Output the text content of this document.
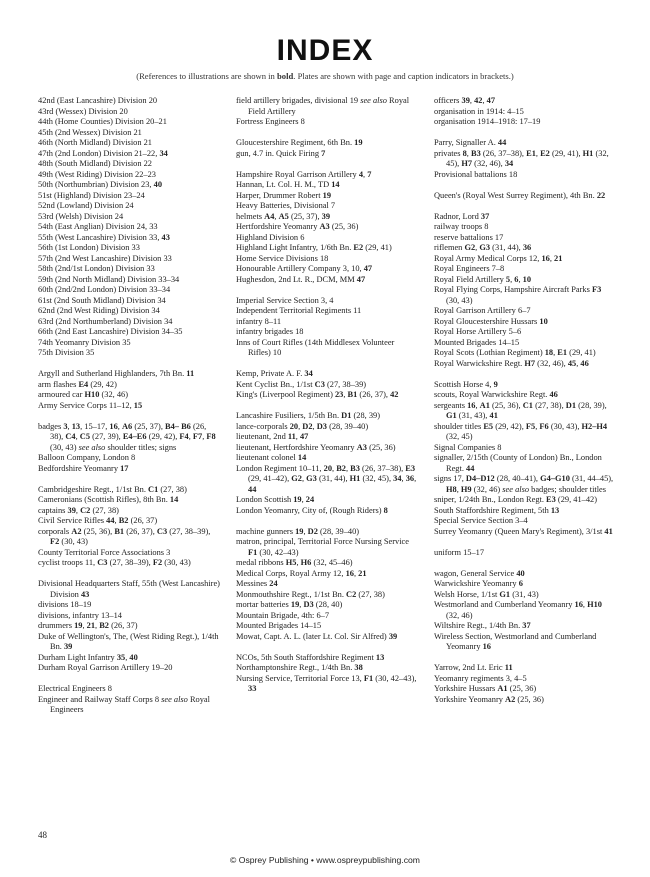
INDEX
(References to illustrations are shown in bold. Plates are shown with page and caption indicators in brackets.)

42nd (East Lancashire) Division 20

43rd (Wessex) Division 20

44th (Home Counties) Division 20–21

45th (2nd Wessex) Division 21

46th (North Midland) Division 21

47th (2nd London) Division 21–22, 34

48th (South Midland) Division 22

49th (West Riding) Division 22–23

50th (Northumbrian) Division 23, 40

51st (Highland) Division 23–24

52nd (Lowland) Division 24

53rd (Welsh) Division 24

54th (East Anglian) Division 24, 33

55th (West Lancashire) Division 33, 43

56th (1st London) Division 33

57th (2nd West Lancashire) Division 33

58th (2nd/1st London) Division 33

59th (2nd North Midland) Division 33–34

60th (2nd/2nd London) Division 33–34

61st (2nd South Midland) Division 34

62nd (2nd West Riding) Division 34

63rd (2nd Northumberland) Division 34

66th (2nd East Lancashire) Division 34–35

74th Yeomanry Division 35

75th Division 35

Argyll and Sutherland Highlanders, 7th Bn. 11

arm flashes E4 (29, 42)

armoured car H10 (32, 46)

Army Service Corps 11–12, 15

badges 3, 13, 15–17, 16, A6 (25, 37), B4– B6 (26, 38), C4, C5 (27, 39), E4–E6 (29, 42), F4, F7, F8 (30, 43) see also shoulder titles; signs

Balloon Company, London 8

Bedfordshire Yeomanry 17

Cambridgeshire Regt., 1/1st Bn. C1 (27, 38)

Cameronians (Scottish Rifles), 8th Bn. 14

captains 39, C2 (27, 38)

Civil Service Rifles 44, B2 (26, 37)

corporals A2 (25, 36), B1 (26, 37), C3 (27, 38–39), F2 (30, 43)

County Territorial Force Associations 3

cyclist troops 11, C3 (27, 38–39), F2 (30, 43)

Divisional Headquarters Staff, 55th (West Lancashire) Division 43

divisions 18–19

divisions, infantry 13–14

drummers 19, 21, B2 (26, 37)

Duke of Wellington's, The, (West Riding Regt.), 1/4th Bn. 39

Durham Light Infantry 35, 40

Durham Royal Garrison Artillery 19–20

Electrical Engineers 8

Engineer and Railway Staff Corps 8 see also Royal Engineers

field artillery brigades, divisional 19 see also Royal Field Artillery

Fortress Engineers 8

Gloucestershire Regiment, 6th Bn. 19

gun, 4.7 in. Quick Firing 7

Hampshire Royal Garrison Artillery 4, 7

Hannan, Lt. Col. H. M., TD 14

Harper, Drummer Robert 19

Heavy Batteries, Divisional 7

helmets A4, A5 (25, 37), 39

Hertfordshire Yeomanry A3 (25, 36)

Highland Division 6

Highland Light Infantry, 1/6th Bn. E2 (29, 41)

Home Service Divisions 18

Honourable Artillery Company 3, 10, 47

Hughesdon, 2nd Lt. R., DCM, MM 47

Imperial Service Section 3, 4

Independent Territorial Regiments 11

infantry 8–11

infantry brigades 18

Inns of Court Rifles (14th Middlesex Volunteer Rifles) 10

Kemp, Private A. F. 34

Kent Cyclist Bn., 1/1st C3 (27, 38–39)

King's (Liverpool Regiment) 23, B1 (26, 37), 42

Lancashire Fusiliers, 1/5th Bn. D1 (28, 39)

lance-corporals 20, D2, D3 (28, 39–40)

lieutenant, 2nd 11, 47

lieutenant, Hertfordshire Yeomanry A3 (25, 36)

lieutenant colonel 14

London Regiment 10–11, 20, B2, B3 (26, 37–38), E3 (29, 41–42), G2, G3 (31, 44), H1 (32, 45), 34, 36, 44

London Scottish 19, 24

London Yeomanry, City of, (Rough Riders) 8

machine gunners 19, D2 (28, 39–40)

matron, principal, Territorial Force Nursing Service F1 (30, 42–43)

medal ribbons H5, H6 (32, 45–46)

Medical Corps, Royal Army 12, 16, 21

Messines 24

Monmouthshire Regt., 1/1st Bn. C2 (27, 38)

mortar batteries 19, D3 (28, 40)

Mountain Brigade, 4th: 6–7

Mounted Brigades 14–15

Mowat, Capt. A. L. (later Lt. Col. Sir Alfred) 39

NCOs, 5th South Staffordshire Regiment 13

Northamptonshire Regt., 1/4th Bn. 38

Nursing Service, Territorial Force 13, F1 (30, 42–43), 33

officers 39, 42, 47

organisation in 1914: 4–15

organisation 1914–1918: 17–19

Parry, Signaller A. 44

privates 8, B3 (26, 37–38), E1, E2 (29, 41), H1 (32, 45), H7 (32, 46), 34

Provisional battalions 18

Queen's (Royal West Surrey Regiment), 4th Bn. 22

Radnor, Lord 37

railway troops 8

reserve battalions 17

riflemen G2, G3 (31, 44), 36

Royal Army Medical Corps 12, 16, 21

Royal Engineers 7–8

Royal Field Artillery 5, 6, 10

Royal Flying Corps, Hampshire Aircraft Parks F3 (30, 43)

Royal Garrison Artillery 6–7

Royal Gloucestershire Hussars 10

Royal Horse Artillery 5–6

Mounted Brigades 14–15

Royal Scots (Lothian Regiment) 18, E1 (29, 41)

Royal Warwickshire Regt. H7 (32, 46), 45, 46

Scottish Horse 4, 9

scouts, Royal Warwickshire Regt. 46

sergeants 16, A1 (25, 36), C1 (27, 38), D1 (28, 39), G1 (31, 43), 41

shoulder titles E5 (29, 42), F5, F6 (30, 43), H2–H4 (32, 45)

Signal Companies 8

signaller, 2/15th (County of London) Bn., London Regt. 44

signs 17, D4–D12 (28, 40–41), G4–G10 (31, 44–45), H8, H9 (32, 46) see also badges; shoulder titles

sniper, 1/24th Bn., London Regt. E3 (29, 41–42)

South Staffordshire Regiment, 5th 13

Special Service Section 3–4

Surrey Yeomanry (Queen Mary's Regiment), 3/1st 41

uniform 15–17

wagon, General Service 40

Warwickshire Yeomanry 6

Welsh Horse, 1/1st G1 (31, 43)

Westmorland and Cumberland Yeomanry 16, H10 (32, 46)

Wiltshire Regt., 1/4th Bn. 37

Wireless Section, Westmorland and Cumberland Yeomanry 16

Yarrow, 2nd Lt. Eric 11

Yeomanry regiments 3, 4–5

Yorkshire Hussars A1 (25, 36)

Yorkshire Yeomanry A2 (25, 36)

48
© Osprey Publishing • www.ospreypublishing.com
